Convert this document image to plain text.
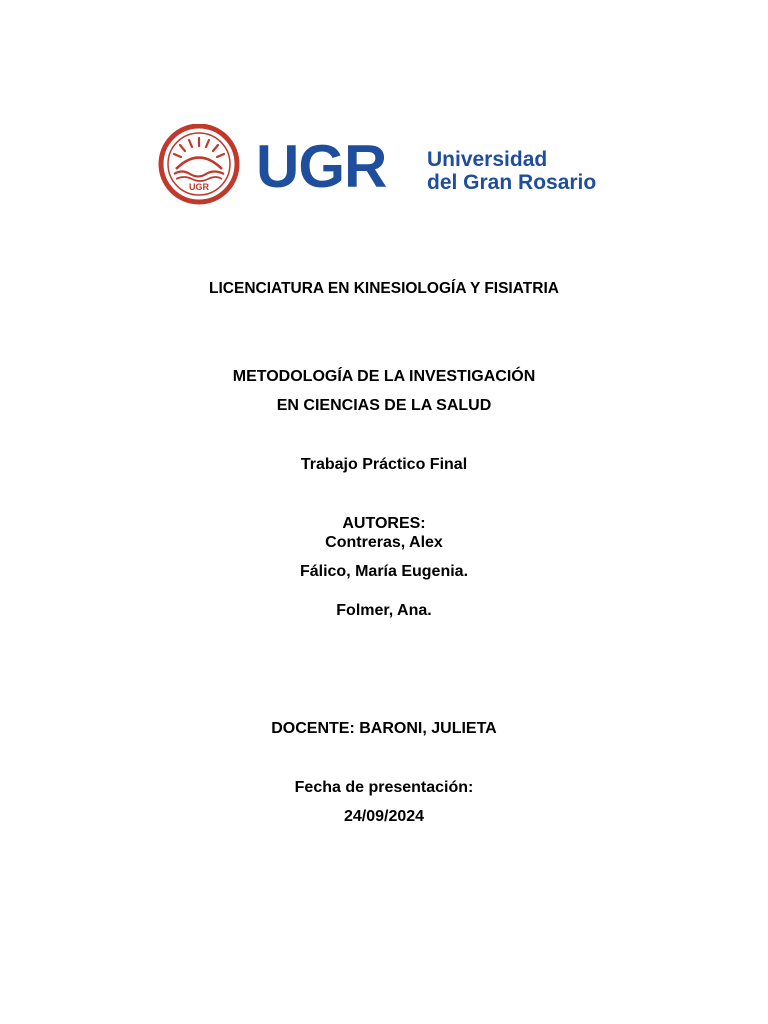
UGR UGR Universidad
del Gran Rosario
LICENCIATURA EN KINESIOLOGÍA Y FISIATRIA
METODOLOGÍA DE LA INVESTIGACIÓN
EN CIENCIAS DE LA SALUD
Trabajo Práctico Final
AUTORES:
Contreras, Alex
Fálico, María Eugenia.
Folmer, Ana.
DOCENTE: BARONI, JULIETA
Fecha de presentación:
24/09/2024
